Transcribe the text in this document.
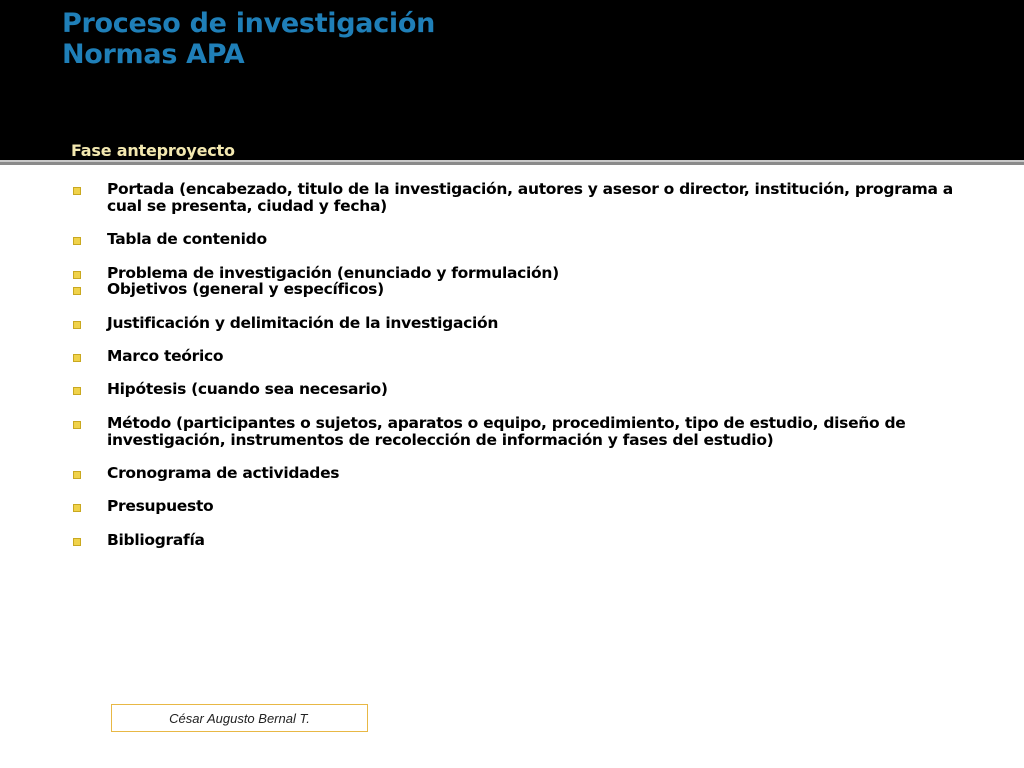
Proceso de investigación
Normas APA
Fase anteproyecto
Portada (encabezado, titulo de la investigación, autores y asesor o director, institución, programa a cual se presenta, ciudad y fecha)
Tabla de contenido
Problema de investigación (enunciado y formulación)
Objetivos (general y específicos)
Justificación y delimitación de la investigación
Marco teórico
Hipótesis (cuando sea necesario)
Método (participantes o sujetos, aparatos o equipo, procedimiento, tipo de estudio, diseño de investigación, instrumentos de recolección de información y fases del estudio)
Cronograma de actividades
Presupuesto
Bibliografía
César Augusto Bernal T.
